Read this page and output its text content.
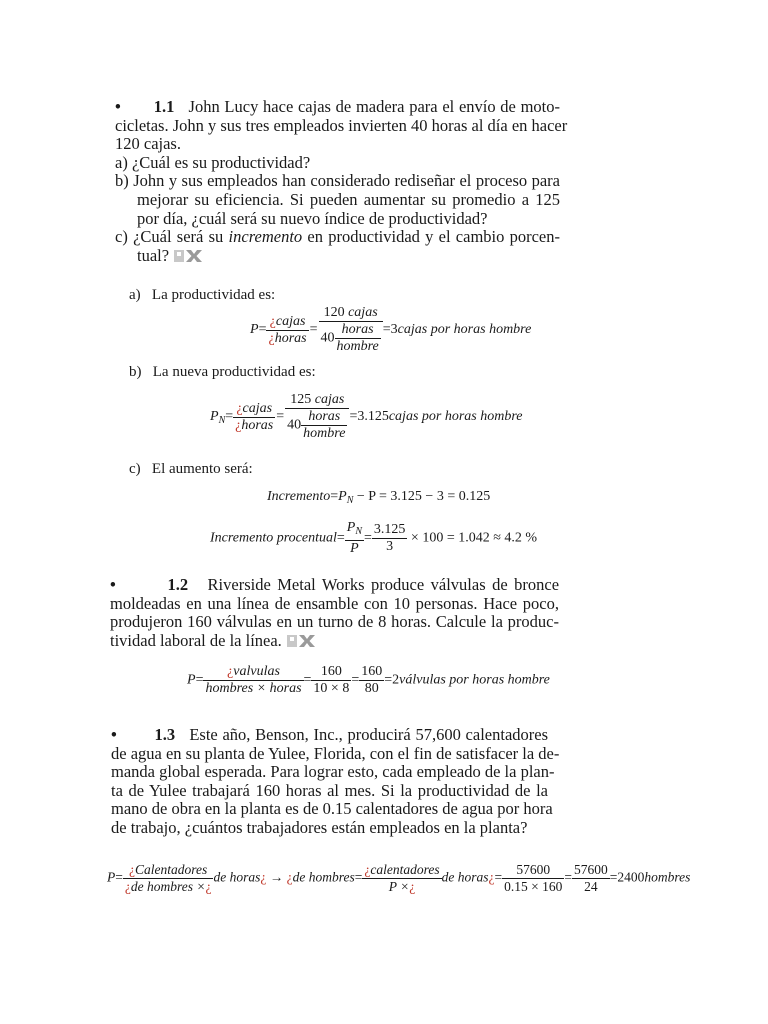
• 1.1 John Lucy hace cajas de madera para el envío de moto-
cicletas. John y sus tres empleados invierten 40 horas al día en hacer
120 cajas.
a) ¿Cuál es su productividad?
b) John y sus empleados han considerado rediseñar el proceso para
mejorar su eficiencia. Si pueden aumentar su promedio a 125
por día, ¿cuál será su nuevo índice de productividad?
c) ¿Cuál será su incremento en productividad y el cambio porcen-
tual?
a) La productividad es:
$P= \frac{\text{¿cajas}}{\text{¿horas}} = \frac{\text{120 cajas}}{40 \frac{\text{horas}}{\text{hombre}}}$ =3cajas por horas hombre
b) La nueva productividad es:
$P_N= \frac{\text{¿cajas}}{\text{¿horas}} = \frac{\text{125 cajas}}{40 \frac{\text{horas}}{\text{hombre}}}$ =3.125cajas por horas hombre
c) El aumento será:
$Incremento=P_N - P = 3.125 - 3 = 0.125$
Incremento procentual= $\frac{P_N}{P} = \frac{3.125}{3} \times 100 = 1.042 \approx 4.2$ %
•	1.2 Riverside Metal Works produce válvulas de bronce
moldeadas en una línea de ensamble con 10 personas. Hace poco,
produjeron 160 válvulas en un turno de 8 horas. Calcule la produc-
tividad laboral de la línea.
$P= \frac{\text{¿valvulas}}{\text{hombres × horas}} = \frac{160}{10 \times 8} = \frac{160}{80}$ =2válvulas por horas hombre
• 1.3 Este año, Benson, Inc., producirá 57,600 calentadores
de agua en su planta de Yulee, Florida, con el fin de satisfacer la de-
manda global esperada. Para lograr esto, cada empleado de la plan-
ta de Yulee trabajará 160 horas al mes. Si la productividad de la
mano de obra en la planta es de 0.15 calentadores de agua por hora
de trabajo, ¿cuántos trabajadores están empleados en la planta?
$P= \frac{\text{¿Calentadores}}{\text{¿de hombres ×¿}}$ de horas¿ → ¿de hombres= $\frac{\text{¿calentadores}}{P \times¿}$ de horas¿= $\frac{57600}{0.15 \times 160} = \frac{57600}{24}$ =2400hombres
